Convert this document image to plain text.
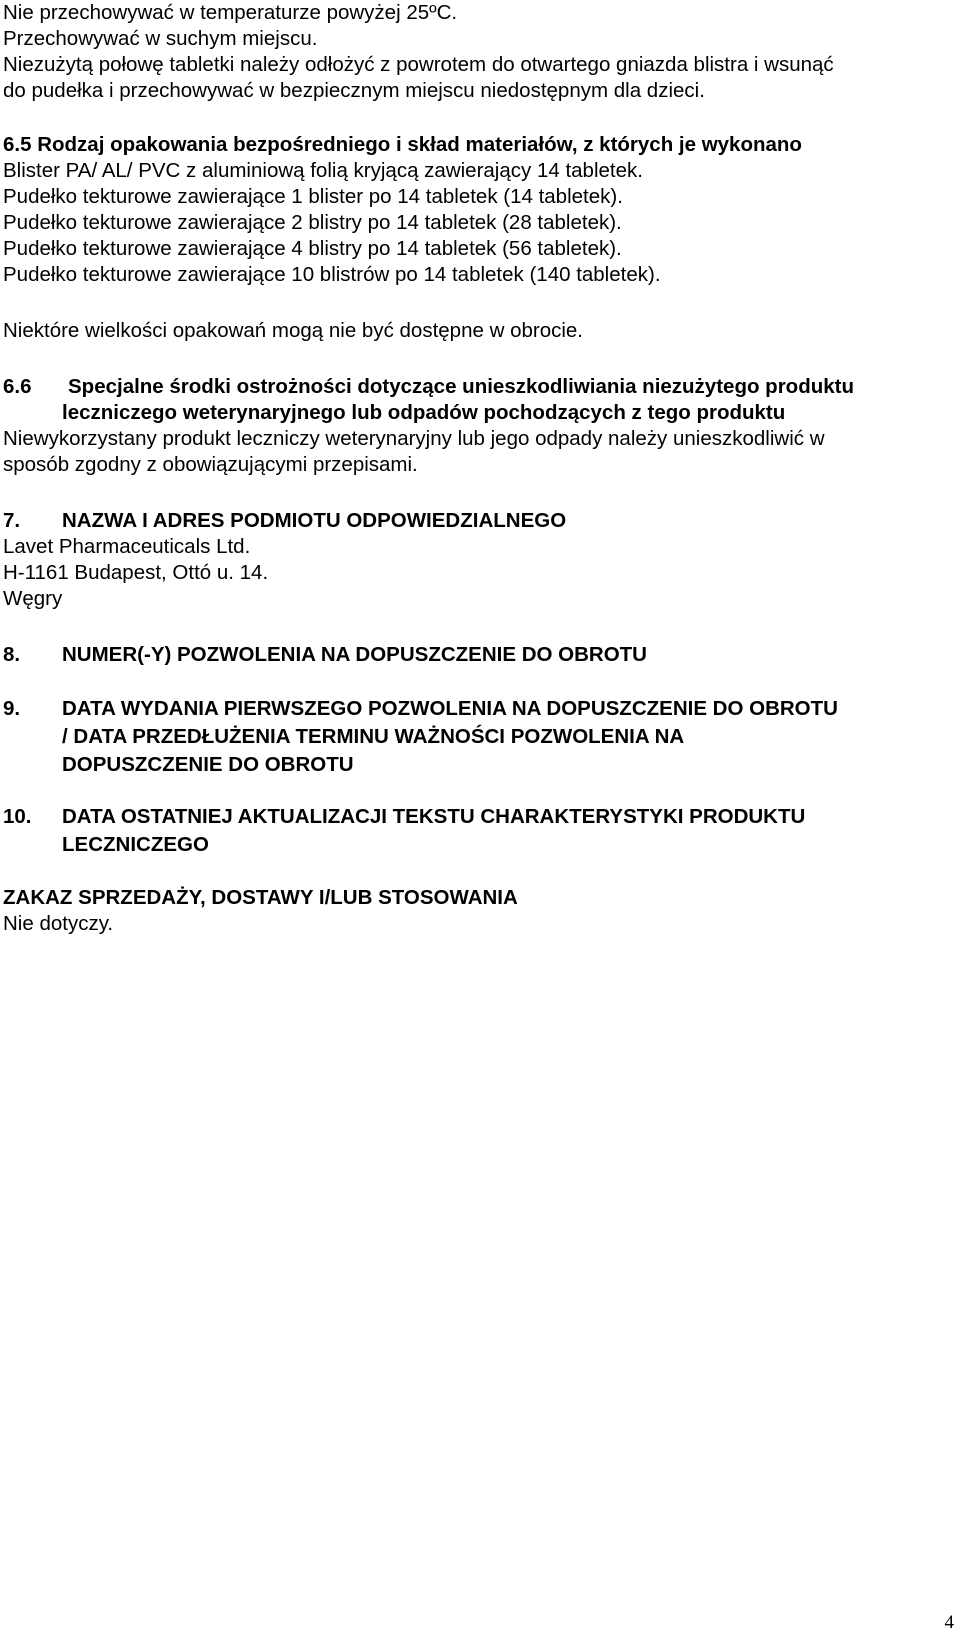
Nie przechowywać w temperaturze powyżej 25ºC.
Przechowywać w suchym miejscu.
Niezużytą połowę tabletki należy odłożyć z powrotem do otwartego gniazda blistra i wsunąć
do pudełka i przechowywać w bezpiecznym miejscu niedostępnym dla dzieci.
6.5 Rodzaj opakowania bezpośredniego i skład materiałów, z których je wykonano
Blister PA/ AL/ PVC z aluminiową folią kryjącą zawierający 14 tabletek.
Pudełko tekturowe zawierające 1 blister po 14 tabletek (14 tabletek).
Pudełko tekturowe zawierające 2 blistry po 14 tabletek (28 tabletek).
Pudełko tekturowe zawierające 4 blistry po 14 tabletek (56 tabletek).
Pudełko tekturowe zawierające 10 blistrów po 14 tabletek (140 tabletek).
Niektóre wielkości opakowań mogą nie być dostępne w obrocie.
6.6 Specjalne środki ostrożności dotyczące unieszkodliwiania niezużytego produktu
leczniczego weterynaryjnego lub odpadów pochodzących z tego produktu
Niewykorzystany produkt leczniczy weterynaryjny lub jego odpady należy unieszkodliwić w
sposób zgodny z obowiązującymi przepisami.
7. NAZWA I ADRES PODMIOTU ODPOWIEDZIALNEGO
Lavet Pharmaceuticals Ltd.
H-1161 Budapest, Ottó u. 14.
Węgry
8. NUMER(-Y) POZWOLENIA NA DOPUSZCZENIE DO OBROTU
9. DATA WYDANIA PIERWSZEGO POZWOLENIA NA DOPUSZCZENIE DO OBROTU
/ DATA PRZEDŁUŻENIA TERMINU WAŻNOŚCI POZWOLENIA NA
DOPUSZCZENIE DO OBROTU
10. DATA OSTATNIEJ AKTUALIZACJI TEKSTU CHARAKTERYSTYKI PRODUKTU
LECZNICZEGO
ZAKAZ SPRZEDAŻY, DOSTAWY I/LUB STOSOWANIA
Nie dotyczy.
4
